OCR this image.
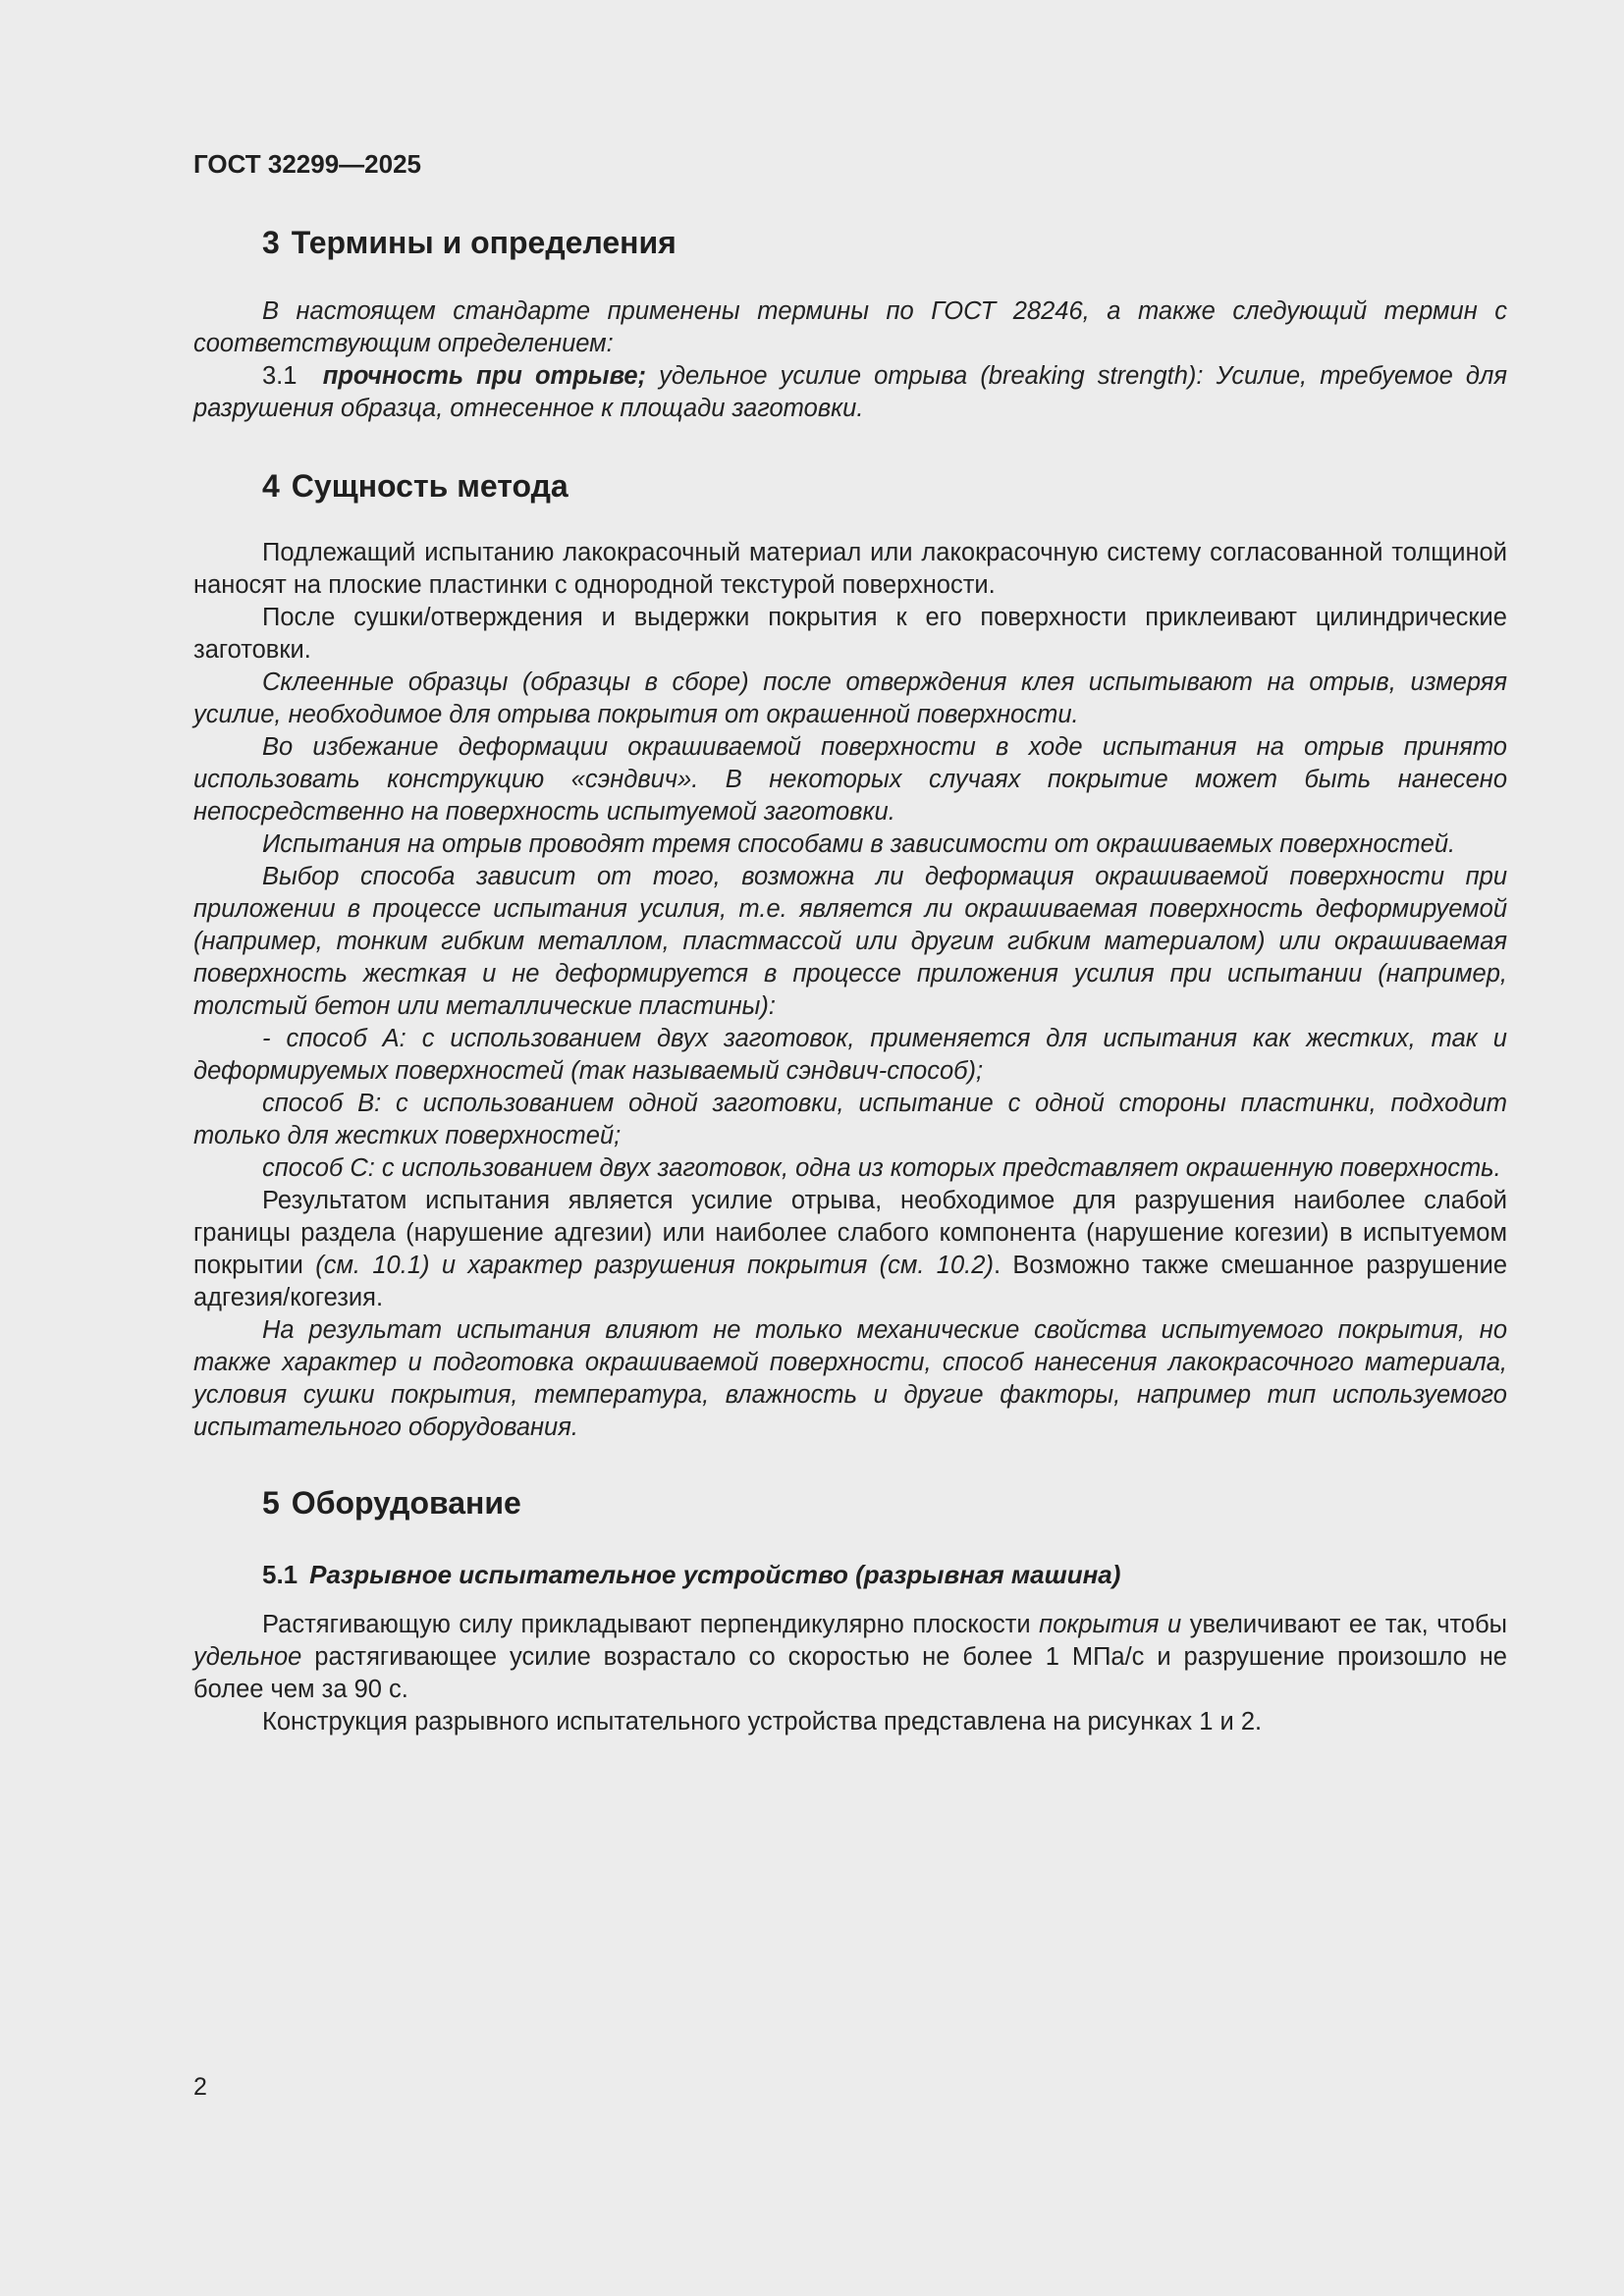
ГОСТ 32299—2025
3 Термины и определения

В настоящем стандарте применены термины по ГОСТ 28246, а также следующий термин с соответствующим определением:

3.1 прочность при отрыве; удельное усилие отрыва (breaking strength): Усилие, требуемое для разрушения образца, отнесенное к площади заготовки.

4 Сущность метода

Подлежащий испытанию лакокрасочный материал или лакокрасочную систему согласованной толщиной наносят на плоские пластинки с однородной текстурой поверхности.

После сушки/отверждения и выдержки покрытия к его поверхности приклеивают цилиндрические заготовки.

Склеенные образцы (образцы в сборе) после отверждения клея испытывают на отрыв, измеряя усилие, необходимое для отрыва покрытия от окрашенной поверхности.

Во избежание деформации окрашиваемой поверхности в ходе испытания на отрыв принято использовать конструкцию «сэндвич». В некоторых случаях покрытие может быть нанесено непосредственно на поверхность испытуемой заготовки.

Испытания на отрыв проводят тремя способами в зависимости от окрашиваемых поверхностей.

Выбор способа зависит от того, возможна ли деформация окрашиваемой поверхности при приложении в процессе испытания усилия, т.е. является ли окрашиваемая поверхность деформируемой (например, тонким гибким металлом, пластмассой или другим гибким материалом) или окрашиваемая поверхность жесткая и не деформируется в процессе приложения усилия при испытании (например, толстый бетон или металлические пластины):

- способ A: с использованием двух заготовок, применяется для испытания как жестких, так и деформируемых поверхностей (так называемый сэндвич-способ);

способ B: с использованием одной заготовки, испытание с одной стороны пластинки, подходит только для жестких поверхностей;

способ C: с использованием двух заготовок, одна из которых представляет окрашенную поверхность.

Результатом испытания является усилие отрыва, необходимое для разрушения наиболее слабой границы раздела (нарушение адгезии) или наиболее слабого компонента (нарушение когезии) в испытуемом покрытии (см. 10.1) и характер разрушения покрытия (см. 10.2). Возможно также смешанное разрушение адгезия/когезия.

На результат испытания влияют не только механические свойства испытуемого покрытия, но также характер и подготовка окрашиваемой поверхности, способ нанесения лакокрасочного материала, условия сушки покрытия, температура, влажность и другие факторы, например тип используемого испытательного оборудования.

5 Оборудование
5.1 Разрывное испытательное устройство (разрывная машина)

Растягивающую силу прикладывают перпендикулярно плоскости покрытия и увеличивают ее так, чтобы удельное растягивающее усилие возрастало со скоростью не более 1 МПа/с и разрушение произошло не более чем за 90 с.

Конструкция разрывного испытательного устройства представлена на рисунках 1 и 2.

2
